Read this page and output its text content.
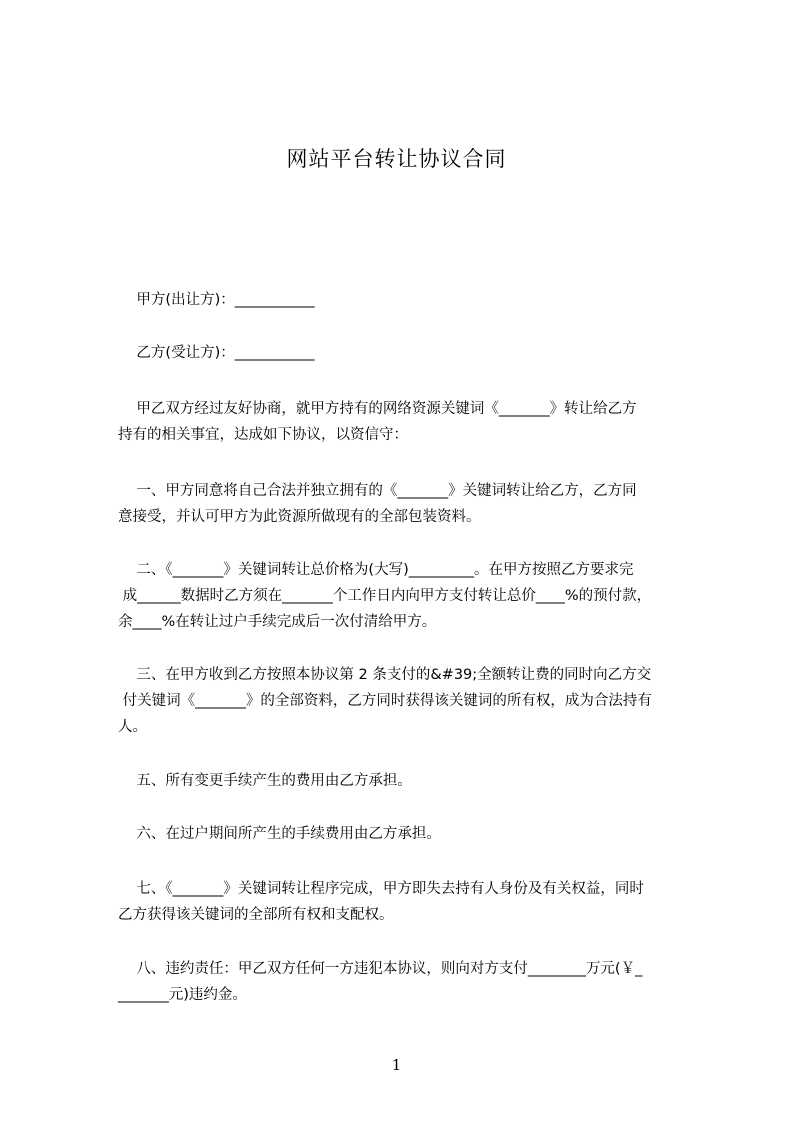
网站平台转让协议合同

甲方(出让方)：___________

乙方(受让方)：___________

甲乙双方经过友好协商，就甲方持有的网络资源关键词《_______》转让给乙方

持有的相关事宜，达成如下协议，以资信守：

一、甲方同意将自己合法并独立拥有的《_______》关键词转让给乙方，乙方同

意接受，并认可甲方为此资源所做现有的全部包装资料。

二、《_______》关键词转让总价格为(大写)_________。在甲方按照乙方要求完

成______数据时乙方须在_______个工作日内向甲方支付转让总价____%的预付款，

余____%在转让过户手续完成后一次付清给甲方。

三、在甲方收到乙方按照本协议第 2 条支付的&#39;全额转让费的同时向乙方交

付关键词《_______》的全部资料，乙方同时获得该关键词的所有权，成为合法持有

人。

五、所有变更手续产生的费用由乙方承担。

六、在过户期间所产生的手续费用由乙方承担。

七、《_______》关键词转让程序完成，甲方即失去持有人身份及有关权益，同时

乙方获得该关键词的全部所有权和支配权。

八、违约责任：甲乙双方任何一方违犯本协议，则向对方支付________万元(￥_

_______元)违约金。

1
